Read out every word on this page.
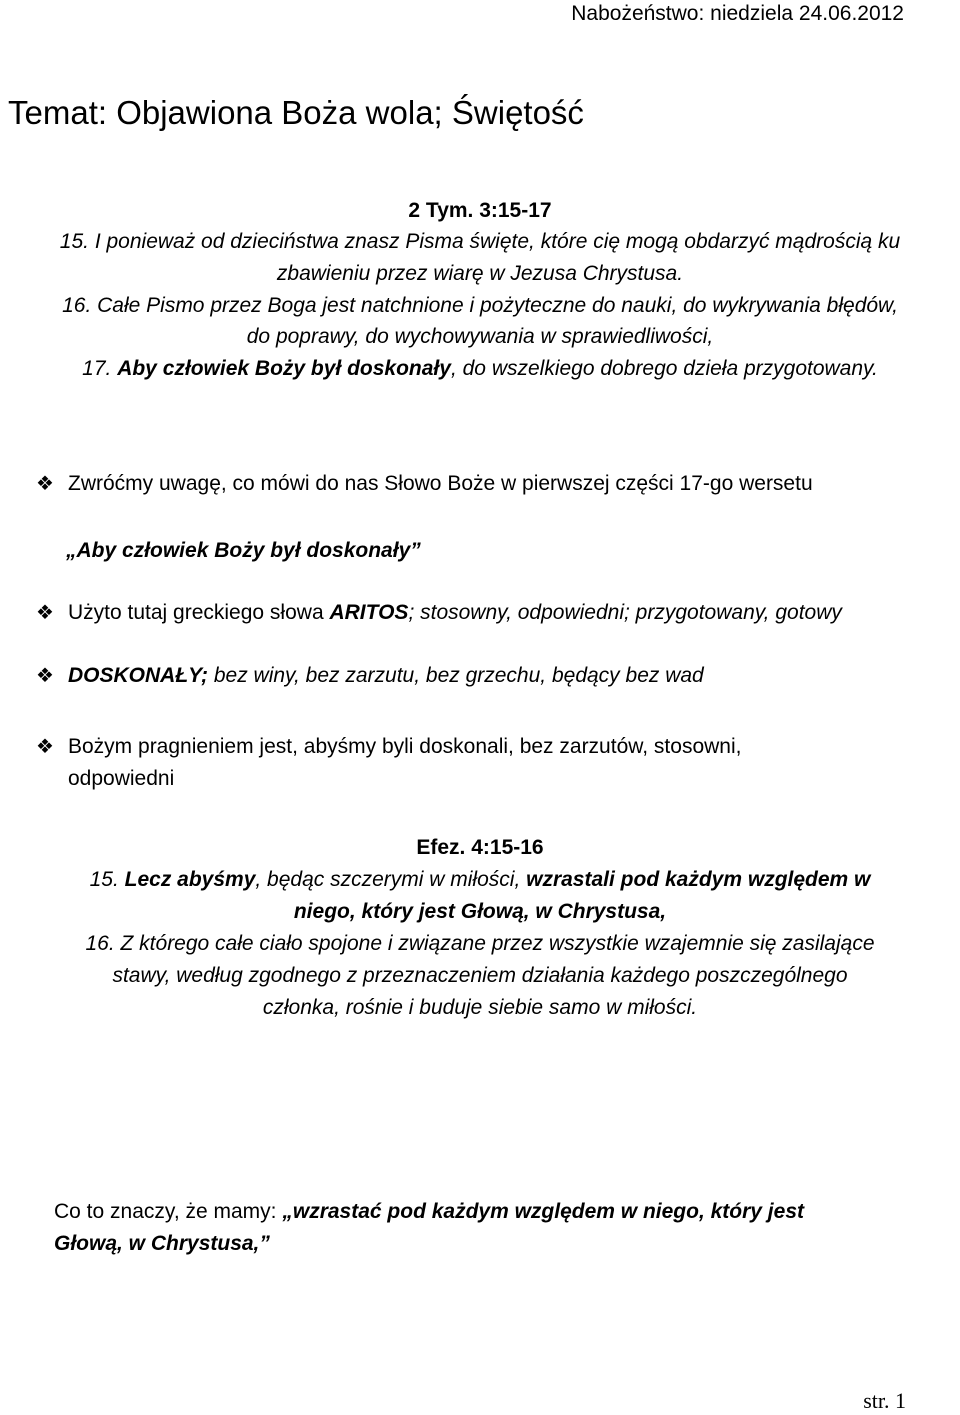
Nabożeństwo: niedziela 24.06.2012
Temat: Objawiona Boża wola; Świętość
2 Tym. 3:15-17
15. I ponieważ od dzieciństwa znasz Pisma święte, które cię mogą obdarzyć mądrością ku
zbawieniu przez wiarę w Jezusa Chrystusa.
16. Całe Pismo przez Boga jest natchnione i pożyteczne do nauki, do wykrywania błędów,
do poprawy, do wychowywania w sprawiedliwości,
17. Aby człowiek Boży był doskonały, do wszelkiego dobrego dzieła przygotowany.
❖ Zwróćmy uwagę, co mówi do nas Słowo Boże w pierwszej części 17-go wersetu
„Aby człowiek Boży był doskonały”
❖ Użyto tutaj greckiego słowa ARITOS; stosowny, odpowiedni; przygotowany, gotowy
❖ DOSKONAŁY; bez winy, bez zarzutu, bez grzechu, będący bez wad
❖ Bożym pragnieniem jest, abyśmy byli doskonali, bez zarzutów, stosowni,
odpowiedni
Efez. 4:15-16
15. Lecz abyśmy, będąc szczerymi w miłości, wzrastali pod każdym względem w
niego, który jest Głową, w Chrystusa,
16. Z którego całe ciało spojone i związane przez wszystkie wzajemnie się zasilające
stawy, według zgodnego z przeznaczeniem działania każdego poszczególnego
członka, rośnie i buduje siebie samo w miłości.
Co to znaczy, że mamy: „wzrastać pod każdym względem w niego, który jest
Głową, w Chrystusa,”
str. 1
